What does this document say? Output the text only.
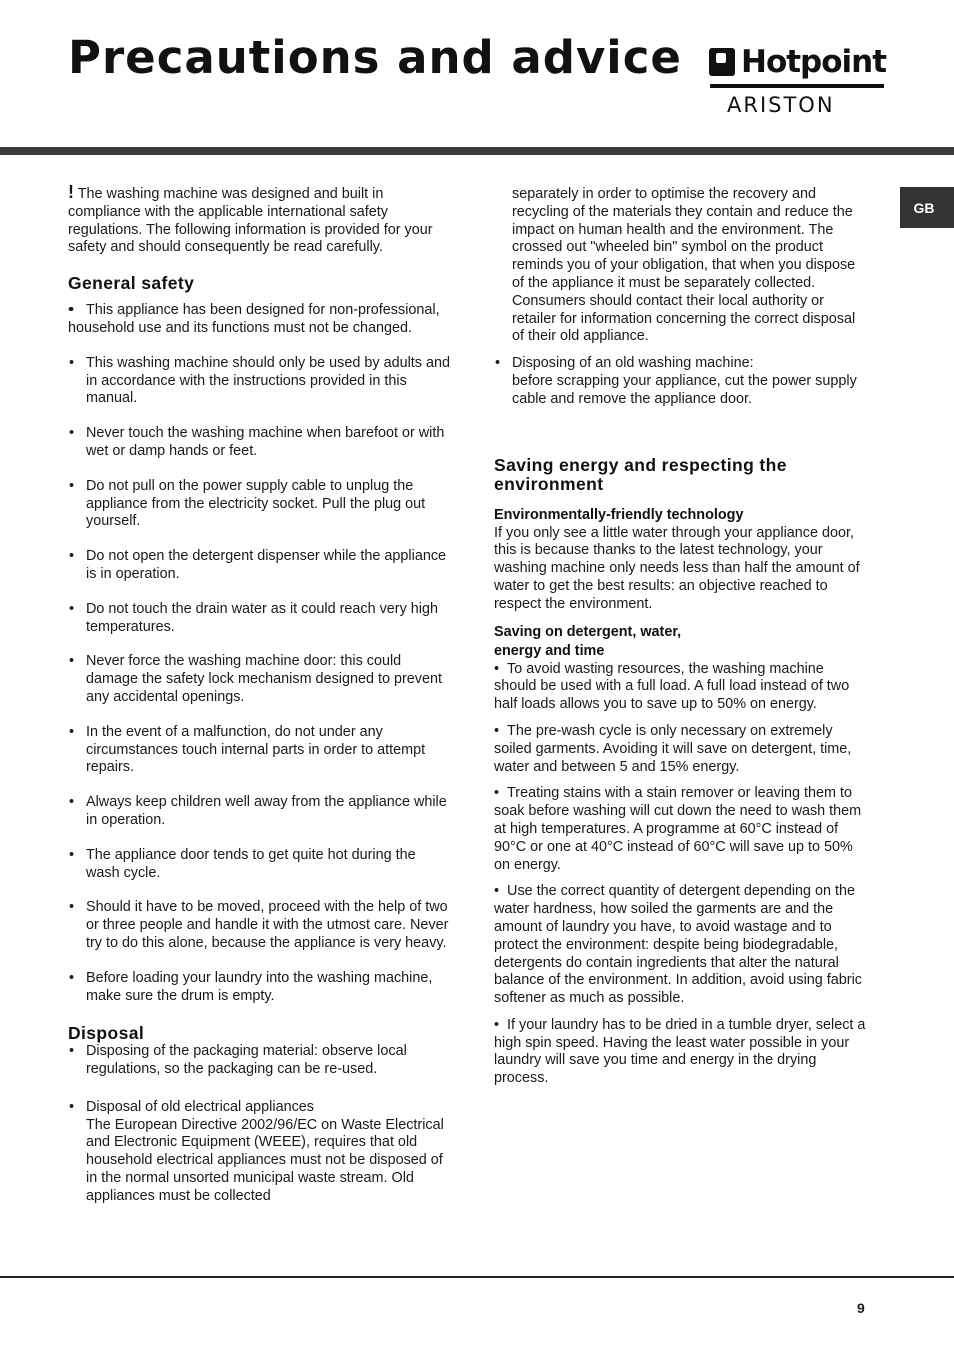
Precautions and advice Hotpoint
ARISTON
GB

! The washing machine was designed and built in compliance with the applicable international safety regulations. The following information is provided for your safety and should consequently be read carefully.

General safety

• • This appliance has been designed for non-professional, household use and its functions must not be changed.

• This washing machine should only be used by adults and in accordance with the instructions provided in this manual.

• Never touch the washing machine when barefoot or with wet or damp hands or feet.

• Do not pull on the power supply cable to unplug the appliance from the electricity socket. Pull the plug out yourself.

• Do not open the detergent dispenser while the appliance is in operation.

• Do not touch the drain water as it could reach very high temperatures.

• Never force the washing machine door: this could damage the safety lock mechanism designed to prevent any accidental openings.

• In the event of a malfunction, do not under any circumstances touch internal parts in order to attempt repairs.

• Always keep children well away from the appliance while in operation.

• The appliance door tends to get quite hot during the wash cycle.

• Should it have to be moved, proceed with the help of two or three people and handle it with the utmost care. Never try to do this alone, because the appliance is very heavy.

• Before loading your laundry into the washing machine, make sure the drum is empty.

Disposal

• Disposing of the packaging material: observe local regulations, so the packaging can be re-used.

• Disposal of old electrical appliances

The European Directive 2002/96/EC on Waste Electrical and Electronic Equipment (WEEE), requires that old household electrical appliances must not be disposed of in the normal unsorted municipal waste stream. Old appliances must be collected

separately in order to optimise the recovery and recycling of the materials they contain and reduce the impact on human health and the environment. The crossed out "wheeled bin" symbol on the product reminds you of your obligation, that when you dispose of the appliance it must be separately collected.

Consumers should contact their local authority or retailer for information concerning the correct disposal of their old appliance.

• Disposing of an old washing machine:

before scrapping your appliance, cut the power supply cable and remove the appliance door.

Saving energy and respecting the environment
Environmentally-friendly technology

If you only see a little water through your appliance door, this is because thanks to the latest technology, your washing machine only needs less than half the amount of water to get the best results: an objective reached to respect the environment.

Saving on detergent, water,
energy and time

•  To avoid wasting resources, the washing machine should be used with a full load. A full load instead of two half loads allows you to save up to 50% on energy.

•  The pre-wash cycle is only necessary on extremely soiled garments. Avoiding it will save on detergent, time, water and between 5 and 15% energy.

•  Treating stains with a stain remover or leaving them to soak before washing will cut down the need to wash them at high temperatures. A programme at 60°C instead of 90°C or one at 40°C instead of 60°C will save up to 50% on energy.

•  Use the correct quantity of detergent depending on the water hardness, how soiled the garments are and the amount of laundry you have, to avoid wastage and to protect the environment: despite being biodegradable, detergents do contain ingredients that alter the natural balance of the environment. In addition, avoid using fabric softener as much as possible.

•  If your laundry has to be dried in a tumble dryer, select a high spin speed. Having the least water possible in your laundry will save you time and energy in the drying process.

9
